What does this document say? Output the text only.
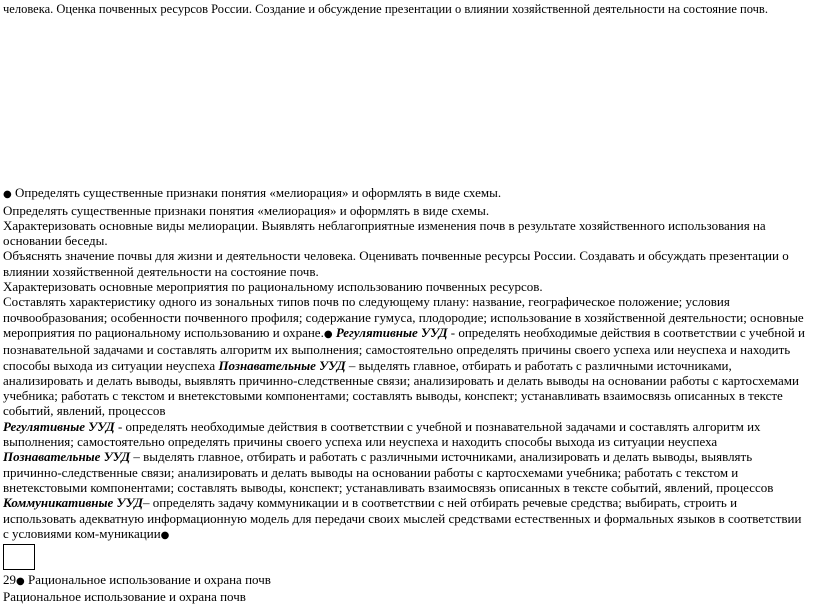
человека. Оценка почвенных ресурсов России. Создание и обсуждение презентации о влиянии хозяйственной деятельности на состояние почв.

● Определять существенные признаки понятия «мелиорация» и оформлять в виде схемы.

Определять существенные признаки понятия «мелиорация» и оформлять в виде схемы.

Характеризовать основные виды мелиорации. Выявлять неблагоприятные изменения почв в результате хозяйственного использования на основании беседы.

Объяснять значение почвы для жизни и деятельности человека. Оценивать почвенные ресурсы России. Создавать и обсуждать презентации о влиянии хозяйственной деятельности на состояние почв.

Характеризовать основные мероприятия по рациональному использованию почвенных ресурсов.

Составлять характеристику одного из зональных типов почв по следующему плану: название, географическое положение; условия почвообразования; особенности почвенного профиля; содержание гумуса, плодородие; использование в хозяйственной деятельности; основные мероприятия по рациональному использованию и охране.● Регулятивные УУД - определять необходимые действия в соответствии с учебной и познавательной задачами и составлять алгоритм их выполнения; самостоятельно определять причины своего успеха или неуспеха и находить способы выхода из ситуации неуспеха Познавательные УУД – выделять главное, отбирать и работать с различными источниками, анализировать и делать выводы, выявлять причинно-следственные связи; анализировать и делать выводы на основании работы с картосхемами учебника; работать с текстом и внетекстовыми компонентами; составлять выводы, конспект; устанавливать взаимосвязь описанных в тексте событий, явлений, процессов

Регулятивные УУД - определять необходимые действия в соответствии с учебной и познавательной задачами и составлять алгоритм их выполнения; самостоятельно определять причины своего успеха или неуспеха и находить способы выхода из ситуации неуспеха Познавательные УУД – выделять главное, отбирать и работать с различными источниками, анализировать и делать выводы, выявлять причинно-следственные связи; анализировать и делать выводы на основании работы с картосхемами учебника; работать с текстом и внетекстовыми компонентами; составлять выводы, конспект; устанавливать взаимосвязь описанных в тексте событий, явлений, процессов

Коммуникативные УУД– определять задачу коммуникации и в соответствии с ней отбирать речевые средства; выбирать, строить и использовать адекватную информационную модель для передачи своих мыслей средствами естественных и формальных языков в соответствии с условиями ком-муникации●

29● Рациональное использование и охрана почв

Рациональное использование и охрана почв
